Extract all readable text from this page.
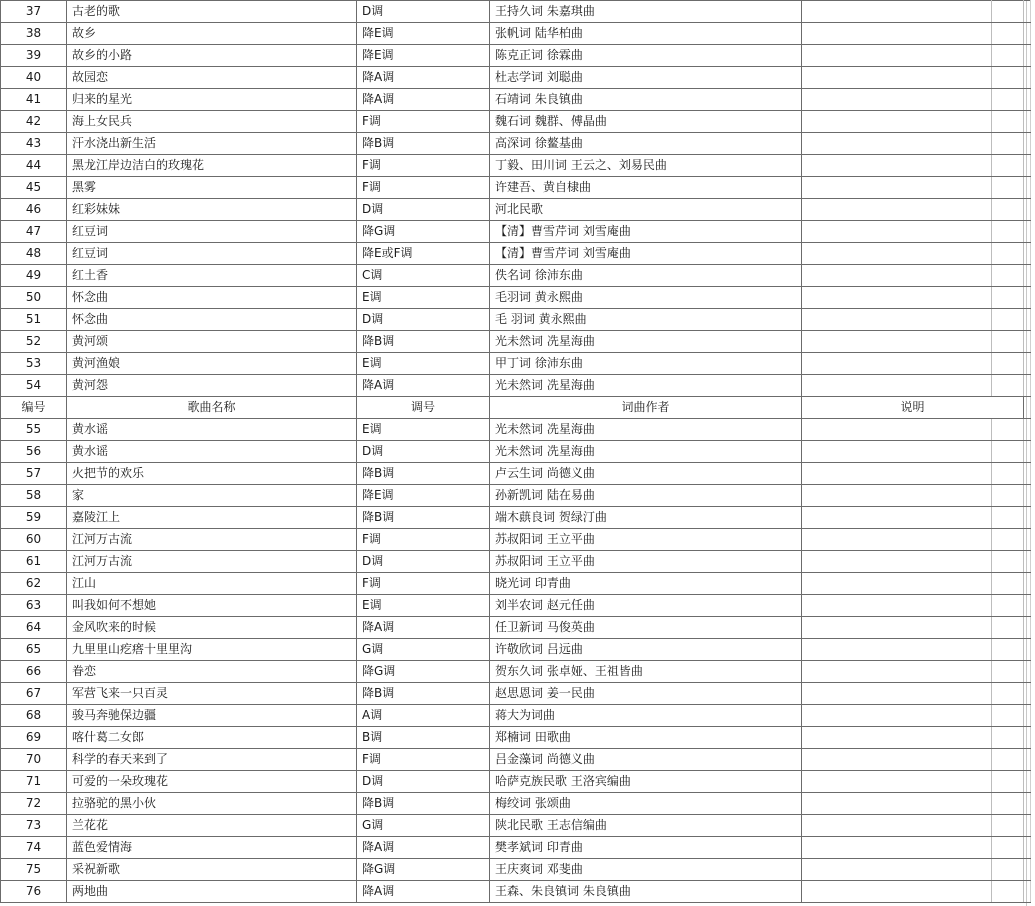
37	古老的歌	D调	王持久词 朱嘉琪曲			
38	故乡	降E调	张帆词 陆华柏曲			
39	故乡的小路	降E调	陈克正词 徐霖曲			
40	故园恋	降A调	杜志学词 刘聪曲			
41	归来的星光	降A调	石靖词 朱良镇曲			
42	海上女民兵	F调	魏石词 魏群、傅晶曲			
43	汗水浇出新生活	降B调	高深词 徐鳌基曲			
44	黑龙江岸边洁白的玫瑰花	F调	丁毅、田川词 王云之、刘易民曲			
45	黑雾	F调	许建吾、黄自棣曲			
46	红彩妹妹	D调	河北民歌			
47	红豆词	降G调	【清】曹雪芹词 刘雪庵曲			
48	红豆词	降E或F调	【清】曹雪芹词 刘雪庵曲			
49	红土香	C调	佚名词 徐沛东曲			
50	怀念曲	E调	毛羽词 黄永熙曲			
51	怀念曲	D调	毛 羽词 黄永熙曲			
52	黄河颂	降B调	光未然词 冼星海曲			
53	黄河渔娘	E调	甲丁词 徐沛东曲			
54	黄河怨	降A调	光未然词 冼星海曲			
编号	歌曲名称	调号	词曲作者	说明		
55	黄水谣	E调	光未然词 冼星海曲			
56	黄水谣	D调	光未然词 冼星海曲			
57	火把节的欢乐	降B调	卢云生词 尚德义曲			
58	家	降E调	孙新凯词 陆在易曲			
59	嘉陵江上	降B调	端木蕻良词 贺绿汀曲			
60	江河万古流	F调	苏叔阳词 王立平曲			
61	江河万古流	D调	苏叔阳词 王立平曲			
62	江山	F调	晓光词 印青曲			
63	叫我如何不想她	E调	刘半农词 赵元任曲			
64	金风吹来的时候	降A调	任卫新词 马俊英曲			
65	九里里山疙瘩十里里沟	G调	许敬欣词 吕远曲			
66	眷恋	降G调	贺东久词 张卓娅、王祖皆曲			
67	军营飞来一只百灵	降B调	赵思恩词 姜一民曲			
68	骏马奔驰保边疆	A调	蒋大为词曲			
69	喀什葛二女郎	B调	郑楠词 田歌曲			
70	科学的春天来到了	F调	吕金藻词 尚德义曲			
71	可爱的一朵玫瑰花	D调	哈萨克族民歌 王洛宾编曲			
72	拉骆驼的黑小伙	降B调	梅绞词 张颂曲			
73	兰花花	G调	陕北民歌 王志信编曲			
74	蓝色爱情海	降A调	樊孝斌词 印青曲			
75	采祝新歌	降G调	王庆爽词 邓斐曲			
76	两地曲	降A调	王森、朱良镇词 朱良镇曲			
